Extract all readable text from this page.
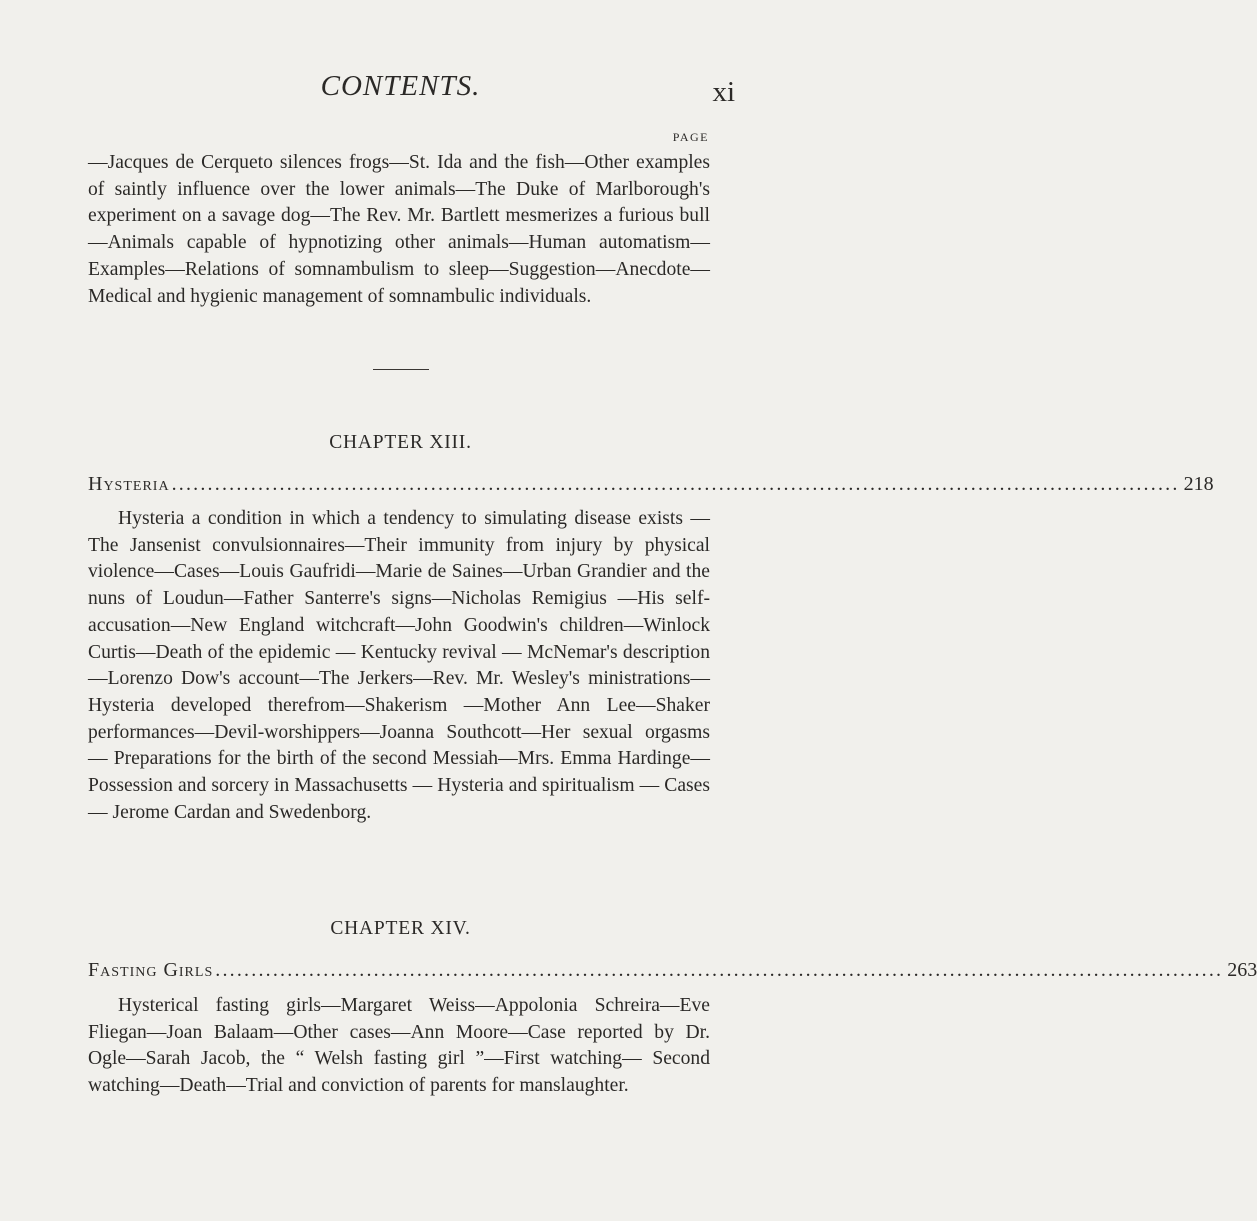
CONTENTS.	xi
PAGE

—Jacques de Cerqueto silences frogs—St. Ida and the fish—Other examples of saintly influence over the lower animals—The Duke of Marlborough's experiment on a savage dog—The Rev. Mr. Bartlett mesmerizes a furious bull—Animals capable of hypnotizing other animals—Human automatism—Examples—Relations of somnambulism to sleep—Suggestion—Anecdote—Medical and hygienic management of somnambulic individuals.

CHAPTER XIII.
Hysteria ............................................................................................................................................ 218

Hysteria a condition in which a tendency to simulating disease exists —The Jansenist convulsionnaires—Their immunity from injury by physical violence—Cases—Louis Gaufridi—Marie de Saines—Urban Grandier and the nuns of Loudun—Father Santerre's signs—Nicholas Remigius —His self-accusation—New England witchcraft—John Goodwin's children—Winlock Curtis—Death of the epidemic — Kentucky revival — McNemar's description—Lorenzo Dow's account—The Jerkers—Rev. Mr. Wesley's ministrations—Hysteria developed therefrom—Shakerism —Mother Ann Lee—Shaker performances—Devil-worshippers—Joanna Southcott—Her sexual orgasms — Preparations for the birth of the second Messiah—Mrs. Emma Hardinge—Possession and sorcery in Massachusetts — Hysteria and spiritualism — Cases — Jerome Cardan and Swedenborg.

CHAPTER XIV.
Fasting Girls ............................................................................................................................................ 263

Hysterical fasting girls—Margaret Weiss—Appolonia Schreira—Eve Fliegan—Joan Balaam—Other cases—Ann Moore—Case reported by Dr. Ogle—Sarah Jacob, the “ Welsh fasting girl ”—First watching— Second watching—Death—Trial and conviction of parents for manslaughter.
